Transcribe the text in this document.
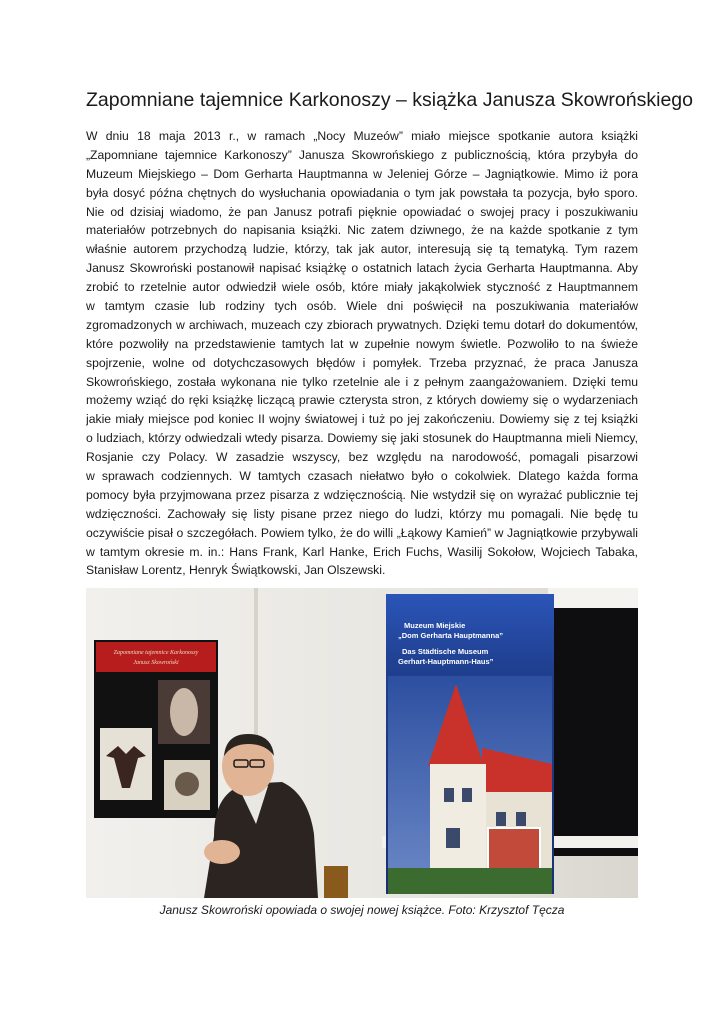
Zapomniane tajemnice Karkonoszy – książka Janusza Skowrońskiego
W dniu 18 maja 2013 r., w ramach „Nocy Muzeów” miało miejsce spotkanie autora książki
„Zapomniane tajemnice Karkonoszy” Janusza Skowrońskiego z publicznością, która przybyła do
Muzeum Miejskiego – Dom Gerharta Hauptmanna w Jeleniej Górze – Jagniątkowie. Mimo iż pora
była dosyć późna chętnych do wysłuchania opowiadania o tym jak powstała ta pozycja, było sporo.
Nie od dzisiaj wiadomo, że pan Janusz potrafi pięknie opowiadać o swojej pracy i poszukiwaniu
materiałów potrzebnych do napisania książki. Nic zatem dziwnego, że na każde spotkanie z tym
właśnie autorem przychodzą ludzie, którzy, tak jak autor, interesują się tą tematyką. Tym razem
Janusz Skowroński postanowił napisać książkę o ostatnich latach życia Gerharta Hauptmanna. Aby
zrobić to rzetelnie autor odwiedził wiele osób, które miały jakąkolwiek styczność z Hauptmannem
w tamtym czasie lub rodziny tych osób. Wiele dni poświęcił na poszukiwania materiałów
zgromadzonych w archiwach, muzeach czy zbiorach prywatnych. Dzięki temu dotarł do dokumentów,
które pozwoliły na przedstawienie tamtych lat w zupełnie nowym świetle. Pozwoliło to na świeże
spojrzenie, wolne od dotychczasowych błędów i pomyłek. Trzeba przyznać, że praca Janusza
Skowrońskiego, została wykonana nie tylko rzetelnie ale i z pełnym zaangażowaniem. Dzięki temu
możemy wziąć do ręki książkę liczącą prawie czterysta stron, z których dowiemy się o wydarzeniach
jakie miały miejsce pod koniec II wojny światowej i tuż po jej zakończeniu. Dowiemy się z tej książki
o ludziach, którzy odwiedzali wtedy pisarza. Dowiemy się jaki stosunek do Hauptmanna mieli Niemcy,
Rosjanie czy Polacy. W zasadzie wszyscy, bez względu na narodowość, pomagali pisarzowi
w sprawach codziennych. W tamtych czasach niełatwo było o cokolwiek. Dlatego każda forma
pomocy była przyjmowana przez pisarza z wdzięcznością. Nie wstydził się on wyrażać publicznie tej
wdzięczności. Zachowały się listy pisane przez niego do ludzi, którzy mu pomagali. Nie będę tu
oczywiście pisał o szczegółach. Powiem tylko, że do willi „Łąkowy Kamień” w Jagniątkowie przybywali
w tamtym okresie m. in.: Hans Frank, Karl Hanke, Erich Fuchs, Wasilij Sokołow, Wojciech Tabaka,
Stanisław Lorentz, Henryk Świątkowski, Jan Olszewski.
Zapomniane tajemnice Karkonoszy
Janusz Skowroński
Muzeum Miejskie
„Dom Gerharta Hauptmanna”
Das Städtische Museum
Gerhart-Hauptmann-Haus”
Janusz Skowroński opowiada o swojej nowej książce. Foto: Krzysztof Tęcza
